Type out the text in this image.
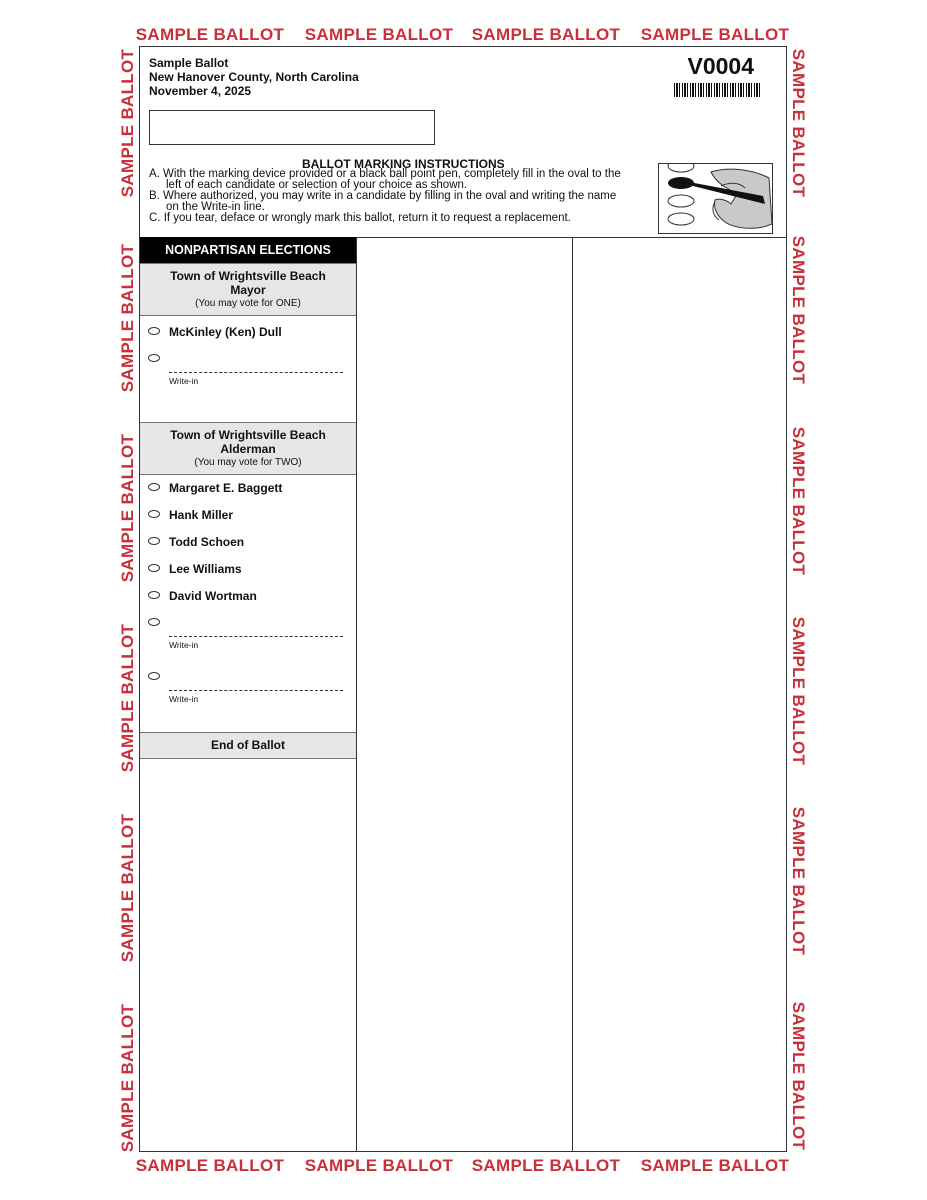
SAMPLE BALLOT	SAMPLE BALLOT	SAMPLE BALLOT	SAMPLE BALLOT
SAMPLE BALLOT	SAMPLE BALLOT	SAMPLE BALLOT	SAMPLE BALLOT
SAMPLE BALLOT
SAMPLE BALLOT
SAMPLE BALLOT
SAMPLE BALLOT
SAMPLE BALLOT
SAMPLE BALLOT
SAMPLE BALLOT
SAMPLE BALLOT
SAMPLE BALLOT
SAMPLE BALLOT
SAMPLE BALLOT
SAMPLE BALLOT
Sample Ballot
New Hanover County, North Carolina
November 4, 2025
V0004
BALLOT MARKING INSTRUCTIONS
A. With the marking device provided or a black ball point pen, completely fill in the oval to the
left of each candidate or selection of your choice as shown.
B. Where authorized, you may write in a candidate by filling in the oval and writing the name
on the Write-in line.
C. If you tear, deface or wrongly mark this ballot, return it to request a replacement.
NONPARTISAN ELECTIONS
Town of Wrightsville Beach
Mayor
(You may vote for ONE)
McKinley (Ken) Dull
Write-in
Town of Wrightsville Beach
Alderman
(You may vote for TWO)
Margaret E. Baggett
Hank Miller
Todd Schoen
Lee Williams
David Wortman
Write-in
Write-in
End of Ballot
